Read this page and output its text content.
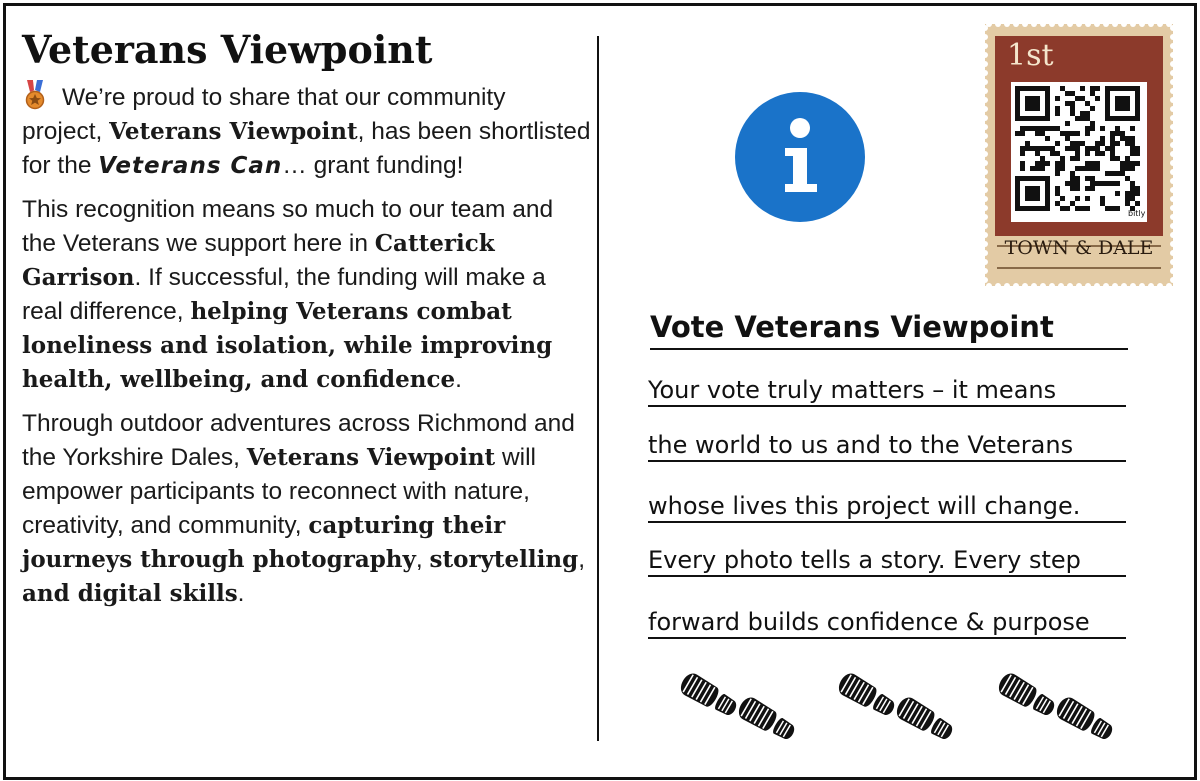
Veterans Viewpoint

We’re proud to share that our community project, Veterans Viewpoint, has been shortlisted for the Veterans Can… grant funding!

This recognition means so much to our team and the Veterans we support here in Catterick Garrison. If successful, the funding will make a real difference, helping Veterans combat loneliness and isolation, while improving health, wellbeing, and confidence.

Through outdoor adventures across Richmond and the Yorkshire Dales, Veterans Viewpoint will empower participants to reconnect with nature, creativity, and community, capturing their journeys through photography, storytelling, and digital skills.

1st
bitly
TOWN & DALE
Vote Veterans Viewpoint
Your vote truly matters – it means
the world to us and to the Veterans
whose lives this project will change.
Every photo tells a story. Every step
forward builds confidence & purpose
